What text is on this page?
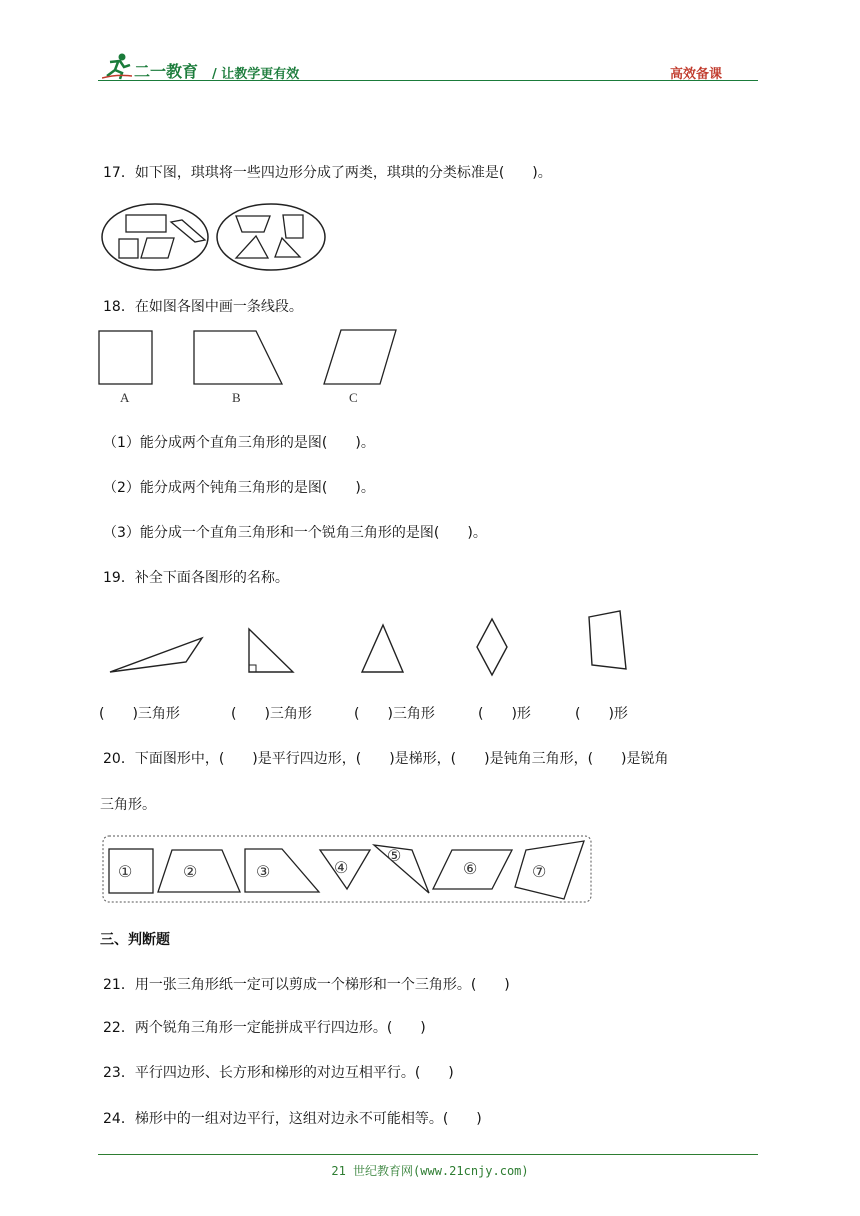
二一教育 / 让教学更有效	高效备课
17．如下图，琪琪将一些四边形分成了两类，琪琪的分类标准是(　　)。
18．在如图各图中画一条线段。
A	B	C
（1）能分成两个直角三角形的是图(　　)。
（2）能分成两个钝角三角形的是图(　　)。
（3）能分成一个直角三角形和一个锐角三角形的是图(　　)。
19．补全下面各图形的名称。
(　　)三角形	(　　)三角形	(　　)三角形	(　　)形	(　　)形
20．下面图形中，(　　)是平行四边形，(　　)是梯形，(　　)是钝角三角形，(　　)是锐角
三角形。
①	②	③	④
⑤
⑥	⑦
三、判断题
21．用一张三角形纸一定可以剪成一个梯形和一个三角形。(　　)
22．两个锐角三角形一定能拼成平行四边形。(　　)
23．平行四边形、长方形和梯形的对边互相平行。(　　)
24．梯形中的一组对边平行，这组对边永不可能相等。(　　)
21 世纪教育网(www.21cnjy.com)
